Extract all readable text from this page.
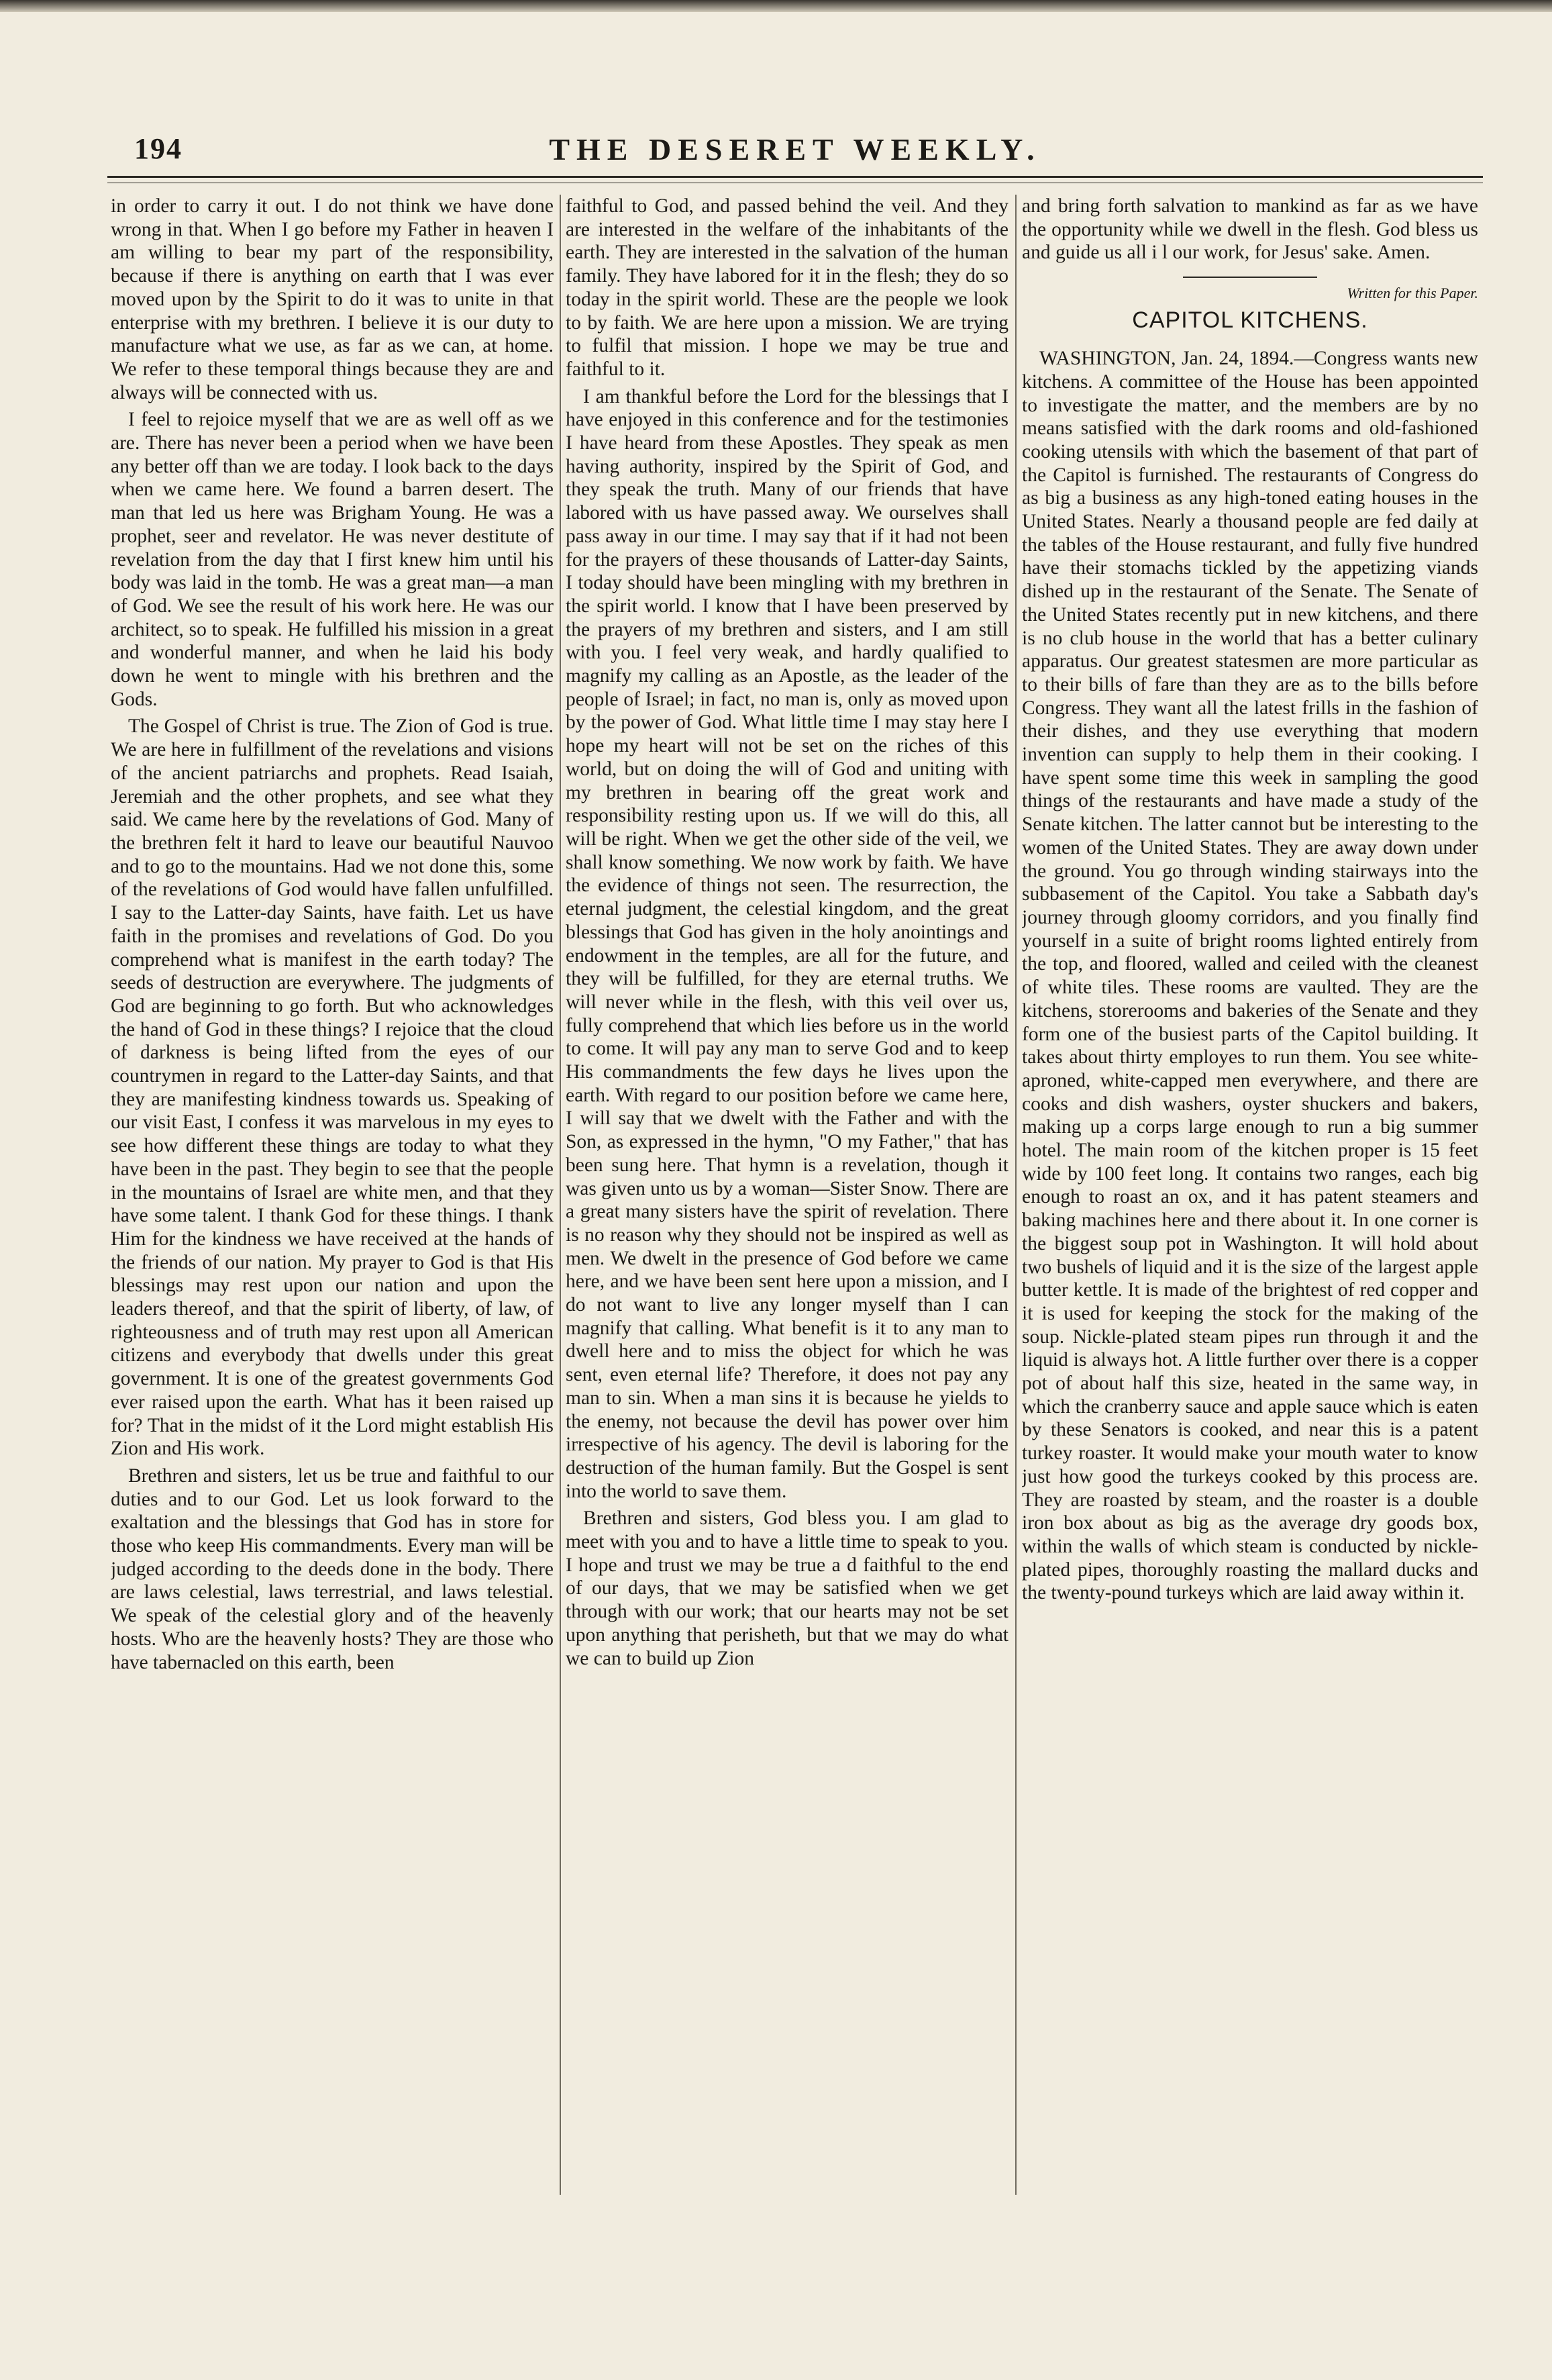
THE DESERET WEEKLY.
194

in order to carry it out. I do not think we have done wrong in that. When I go before my Father in heaven I am willing to bear my part of the responsibility, because if there is anything on earth that I was ever moved upon by the Spirit to do it was to unite in that enterprise with my brethren. I believe it is our duty to manufacture what we use, as far as we can, at home. We refer to these temporal things because they are and always will be connected with us.

I feel to rejoice myself that we are as well off as we are. There has never been a period when we have been any better off than we are today. I look back to the days when we came here. We found a barren desert. The man that led us here was Brigham Young. He was a prophet, seer and revelator. He was never destitute of revelation from the day that I first knew him until his body was laid in the tomb. He was a great man—a man of God. We see the result of his work here. He was our architect, so to speak. He fulfilled his mission in a great and wonderful manner, and when he laid his body down he went to mingle with his brethren and the Gods.

The Gospel of Christ is true. The Zion of God is true. We are here in fulfillment of the revelations and visions of the ancient patriarchs and prophets. Read Isaiah, Jeremiah and the other prophets, and see what they said. We came here by the revelations of God. Many of the brethren felt it hard to leave our beautiful Nauvoo and to go to the mountains. Had we not done this, some of the revelations of God would have fallen unfulfilled. I say to the Latter-day Saints, have faith. Let us have faith in the promises and revelations of God. Do you comprehend what is manifest in the earth today? The seeds of destruction are everywhere. The judgments of God are beginning to go forth. But who acknowledges the hand of God in these things? I rejoice that the cloud of darkness is being lifted from the eyes of our countrymen in regard to the Latter-day Saints, and that they are manifesting kindness towards us. Speaking of our visit East, I confess it was marvelous in my eyes to see how different these things are today to what they have been in the past. They begin to see that the people in the mountains of Israel are white men, and that they have some talent. I thank God for these things. I thank Him for the kindness we have received at the hands of the friends of our nation. My prayer to God is that His blessings may rest upon our nation and upon the leaders thereof, and that the spirit of liberty, of law, of righteousness and of truth may rest upon all American citizens and everybody that dwells under this great government. It is one of the greatest governments God ever raised upon the earth. What has it been raised up for? That in the midst of it the Lord might establish His Zion and His work.

Brethren and sisters, let us be true and faithful to our duties and to our God. Let us look forward to the exaltation and the blessings that God has in store for those who keep His commandments. Every man will be judged according to the deeds done in the body. There are laws celestial, laws terrestrial, and laws telestial. We speak of the celestial glory and of the heavenly hosts. Who are the heavenly hosts? They are those who have tabernacled on this earth, been

faithful to God, and passed behind the veil. And they are interested in the welfare of the inhabitants of the earth. They are interested in the salvation of the human family. They have labored for it in the flesh; they do so today in the spirit world. These are the people we look to by faith. We are here upon a mission. We are trying to fulfil that mission. I hope we may be true and faithful to it.

I am thankful before the Lord for the blessings that I have enjoyed in this conference and for the testimonies I have heard from these Apostles. They speak as men having authority, inspired by the Spirit of God, and they speak the truth. Many of our friends that have labored with us have passed away. We ourselves shall pass away in our time. I may say that if it had not been for the prayers of these thousands of Latter-day Saints, I today should have been mingling with my brethren in the spirit world. I know that I have been preserved by the prayers of my brethren and sisters, and I am still with you. I feel very weak, and hardly qualified to magnify my calling as an Apostle, as the leader of the people of Israel; in fact, no man is, only as moved upon by the power of God. What little time I may stay here I hope my heart will not be set on the riches of this world, but on doing the will of God and uniting with my brethren in bearing off the great work and responsibility resting upon us. If we will do this, all will be right. When we get the other side of the veil, we shall know something. We now work by faith. We have the evidence of things not seen. The resurrection, the eternal judgment, the celestial kingdom, and the great blessings that God has given in the holy anointings and endowment in the temples, are all for the future, and they will be fulfilled, for they are eternal truths. We will never while in the flesh, with this veil over us, fully comprehend that which lies before us in the world to come. It will pay any man to serve God and to keep His commandments the few days he lives upon the earth. With regard to our position before we came here, I will say that we dwelt with the Father and with the Son, as expressed in the hymn, "O my Father," that has been sung here. That hymn is a revelation, though it was given unto us by a woman—Sister Snow. There are a great many sisters have the spirit of revelation. There is no reason why they should not be inspired as well as men. We dwelt in the presence of God before we came here, and we have been sent here upon a mission, and I do not want to live any longer myself than I can magnify that calling. What benefit is it to any man to dwell here and to miss the object for which he was sent, even eternal life? Therefore, it does not pay any man to sin. When a man sins it is because he yields to the enemy, not because the devil has power over him irrespective of his agency. The devil is laboring for the destruction of the human family. But the Gospel is sent into the world to save them.

Brethren and sisters, God bless you. I am glad to meet with you and to have a little time to speak to you. I hope and trust we may be true a d faithful to the end of our days, that we may be satisfied when we get through with our work; that our hearts may not be set upon anything that perisheth, but that we may do what we can to build up Zion

and bring forth salvation to mankind as far as we have the opportunity while we dwell in the flesh. God bless us and guide us all i l our work, for Jesus' sake. Amen.

Written for this Paper.
CAPITOL KITCHENS.

WASHINGTON, Jan. 24, 1894.—Congress wants new kitchens. A committee of the House has been appointed to investigate the matter, and the members are by no means satisfied with the dark rooms and old-fashioned cooking utensils with which the basement of that part of the Capitol is furnished. The restaurants of Congress do as big a business as any high-toned eating houses in the United States. Nearly a thousand people are fed daily at the tables of the House restaurant, and fully five hundred have their stomachs tickled by the appetizing viands dished up in the restaurant of the Senate. The Senate of the United States recently put in new kitchens, and there is no club house in the world that has a better culinary apparatus. Our greatest statesmen are more particular as to their bills of fare than they are as to the bills before Congress. They want all the latest frills in the fashion of their dishes, and they use everything that modern invention can supply to help them in their cooking. I have spent some time this week in sampling the good things of the restaurants and have made a study of the Senate kitchen. The latter cannot but be interesting to the women of the United States. They are away down under the ground. You go through winding stairways into the subbasement of the Capitol. You take a Sabbath day's journey through gloomy corridors, and you finally find yourself in a suite of bright rooms lighted entirely from the top, and floored, walled and ceiled with the cleanest of white tiles. These rooms are vaulted. They are the kitchens, storerooms and bakeries of the Senate and they form one of the busiest parts of the Capitol building. It takes about thirty employes to run them. You see white-aproned, white-capped men everywhere, and there are cooks and dish washers, oyster shuckers and bakers, making up a corps large enough to run a big summer hotel. The main room of the kitchen proper is 15 feet wide by 100 feet long. It contains two ranges, each big enough to roast an ox, and it has patent steamers and baking machines here and there about it. In one corner is the biggest soup pot in Washington. It will hold about two bushels of liquid and it is the size of the largest apple butter kettle. It is made of the brightest of red copper and it is used for keeping the stock for the making of the soup. Nickle-plated steam pipes run through it and the liquid is always hot. A little further over there is a copper pot of about half this size, heated in the same way, in which the cranberry sauce and apple sauce which is eaten by these Senators is cooked, and near this is a patent turkey roaster. It would make your mouth water to know just how good the turkeys cooked by this process are. They are roasted by steam, and the roaster is a double iron box about as big as the average dry goods box, within the walls of which steam is conducted by nickle-plated pipes, thoroughly roasting the mallard ducks and the twenty-pound turkeys which are laid away within it.
